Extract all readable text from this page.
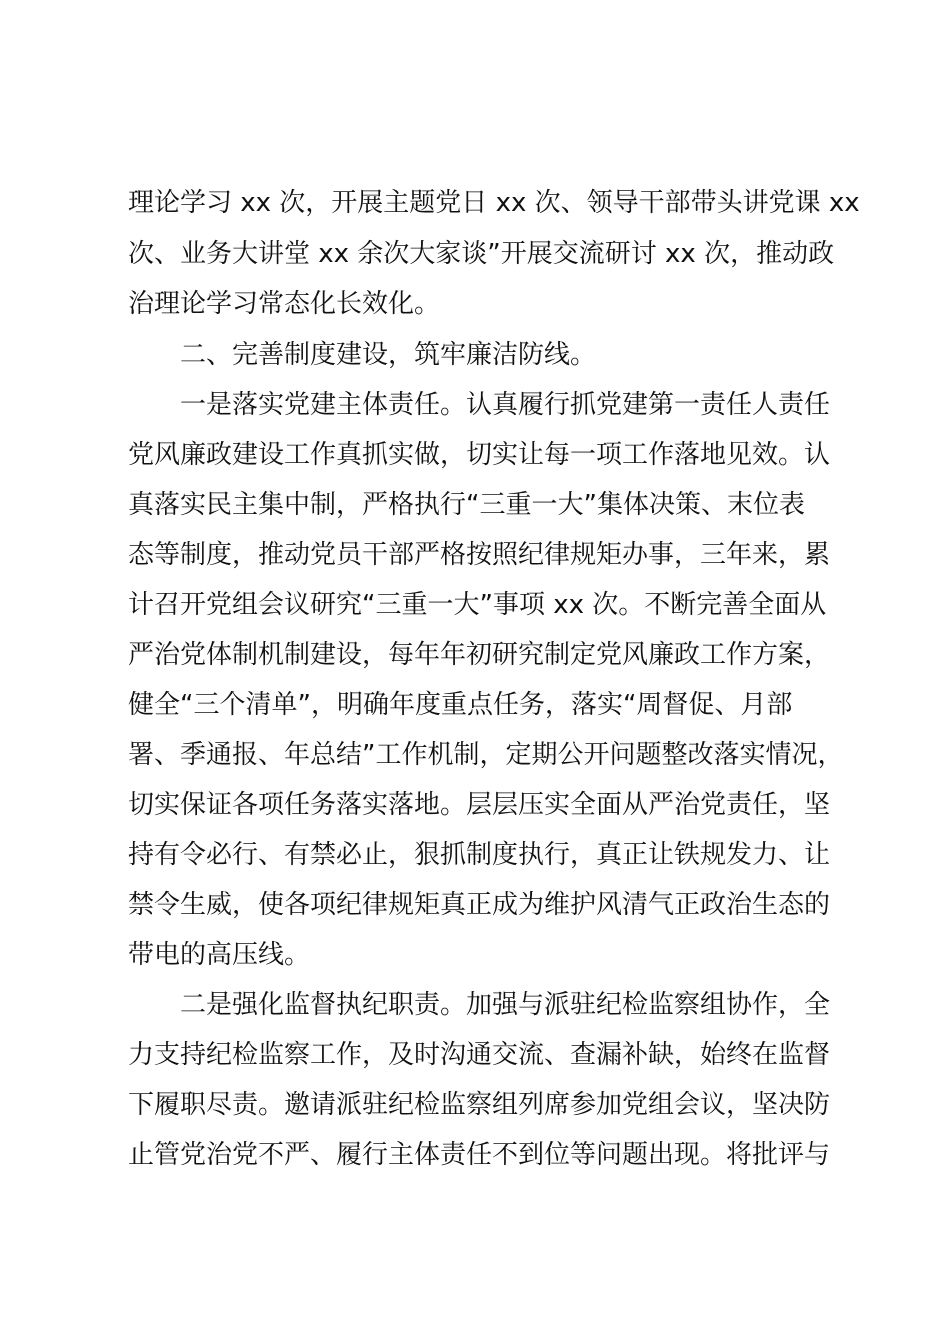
理论学习 xx 次，开展主题党日 xx 次、领导干部带头讲党课 xx

次、业务大讲堂 xx 余次大家谈”开展交流研讨 xx 次，推动政

治理论学习常态化长效化。

　　二、完善制度建设，筑牢廉洁防线。

　　一是落实党建主体责任。认真履行抓党建第一责任人责任

党风廉政建设工作真抓实做，切实让每一项工作落地见效。认

真落实民主集中制，严格执行“三重一大”集体决策、末位表

态等制度，推动党员干部严格按照纪律规矩办事，三年来，累

计召开党组会议研究“三重一大”事项 xx 次。不断完善全面从

严治党体制机制建设，每年年初研究制定党风廉政工作方案，

健全“三个清单”，明确年度重点任务，落实“周督促、月部

署、季通报、年总结”工作机制，定期公开问题整改落实情况，

切实保证各项任务落实落地。层层压实全面从严治党责任，坚

持有令必行、有禁必止，狠抓制度执行，真正让铁规发力、让

禁令生威，使各项纪律规矩真正成为维护风清气正政治生态的

带电的高压线。

　　二是强化监督执纪职责。加强与派驻纪检监察组协作，全

力支持纪检监察工作，及时沟通交流、查漏补缺，始终在监督

下履职尽责。邀请派驻纪检监察组列席参加党组会议，坚决防

止管党治党不严、履行主体责任不到位等问题出现。将批评与
